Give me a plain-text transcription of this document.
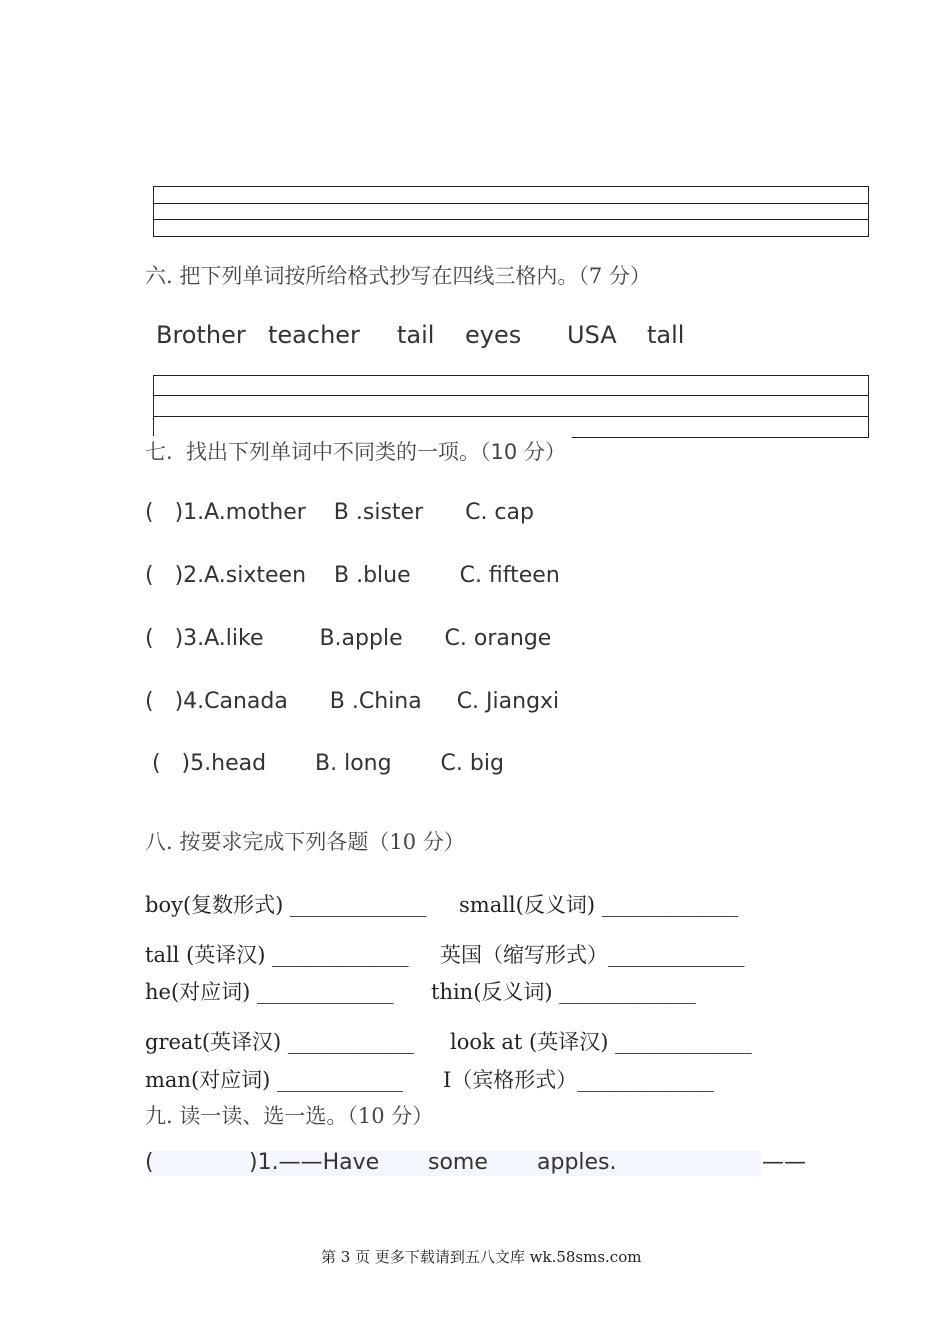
六. 把下列单词按所给格式抄写在四线三格内。（7 分）
Brother teacher tail eyes USA tall
七.  找出下列单词中不同类的一项。（10 分）
(   )1.A.mother    B .sister      C. cap
(   )2.A.sixteen    B .blue       C. fifteen
(   )3.A.like        B.apple      C. orange
(   )4.Canada      B .China     C. Jiangxi
(   )5.head       B. long       C. big
八. 按要求完成下列各题（10 分）
boy(复数形式) _____________ small(反义词) _____________
tall (英译汉) _____________ 英国（缩写形式）_____________
he(对应词) _____________ thin(反义词) _____________
great(英译汉) ____________ look at (英译汉) _____________
man(对应词) ____________ I（宾格形式）_____________
九. 读一读、选一选。（10 分）
(	)1.——Have some apples.	——
第 3 页 更多下载请到五八文库 wk.58sms.com
